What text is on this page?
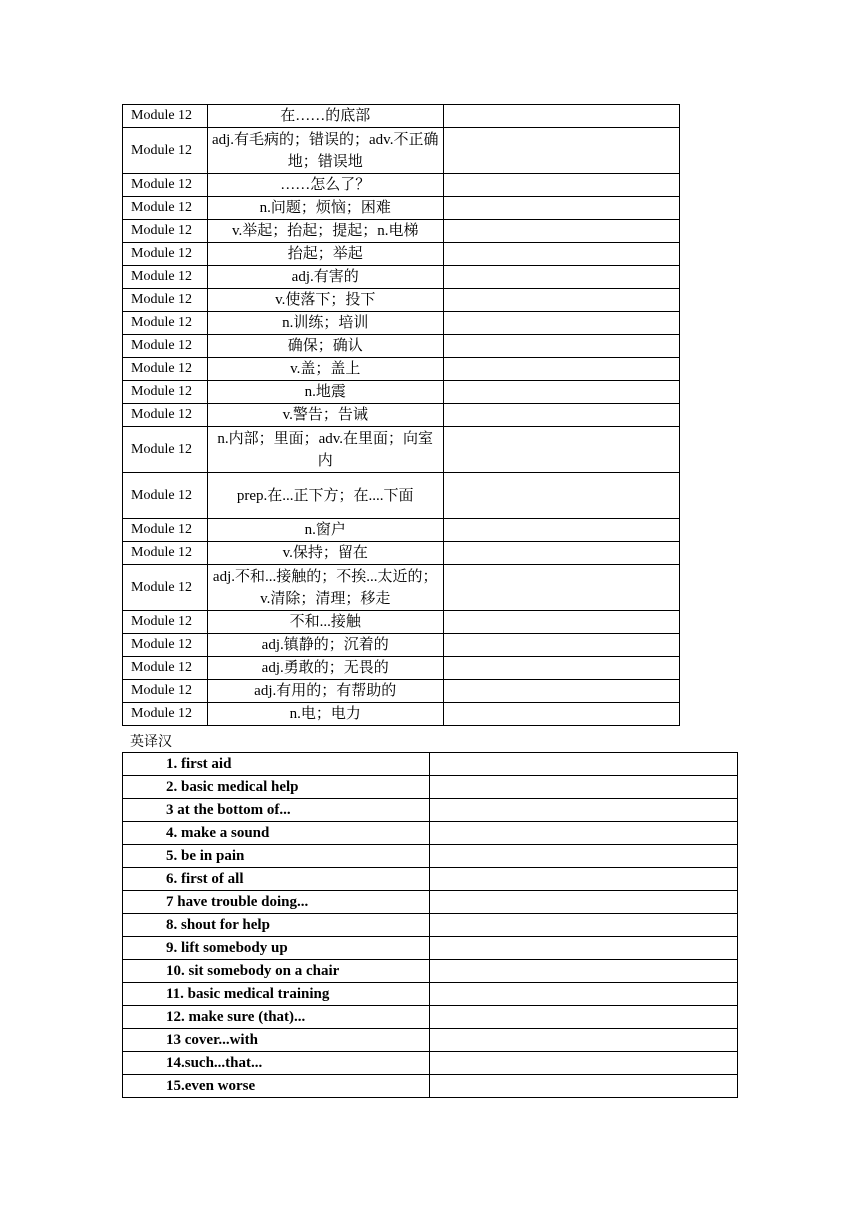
Module 12	在……的底部	
Module 12	adj.有毛病的；错误的；adv.不正确地；错误地	
Module 12	……怎么了？	
Module 12	n.问题；烦恼；困难	
Module 12	v.举起；抬起；提起；n.电梯	
Module 12	抬起；举起	
Module 12	adj.有害的	
Module 12	v.使落下；投下	
Module 12	n.训练；培训	
Module 12	确保；确认	
Module 12	v.盖；盖上	
Module 12	n.地震	
Module 12	v.警告；告诫	
Module 12	n.内部；里面；adv.在里面；向室内	
Module 12	prep.在...正下方；在....下面	
Module 12	n.窗户	
Module 12	v.保持；留在	
Module 12	adj.不和...接触的；不挨...太近的；v.清除；清理；移走	
Module 12	不和...接触	
Module 12	adj.镇静的；沉着的	
Module 12	adj.勇敢的；无畏的	
Module 12	adj.有用的；有帮助的	
Module 12	n.电；电力	
英译汉
1. first aid	
2. basic medical help	
3 at the bottom of...	
4. make a sound	
5. be in pain	
6. first of all	
7 have trouble doing...	
8. shout for help	
9. lift somebody up	
10. sit somebody on a chair	
11. basic medical training	
12. make sure (that)...	
13 cover...with	
14.such...that...	
15.even worse	
